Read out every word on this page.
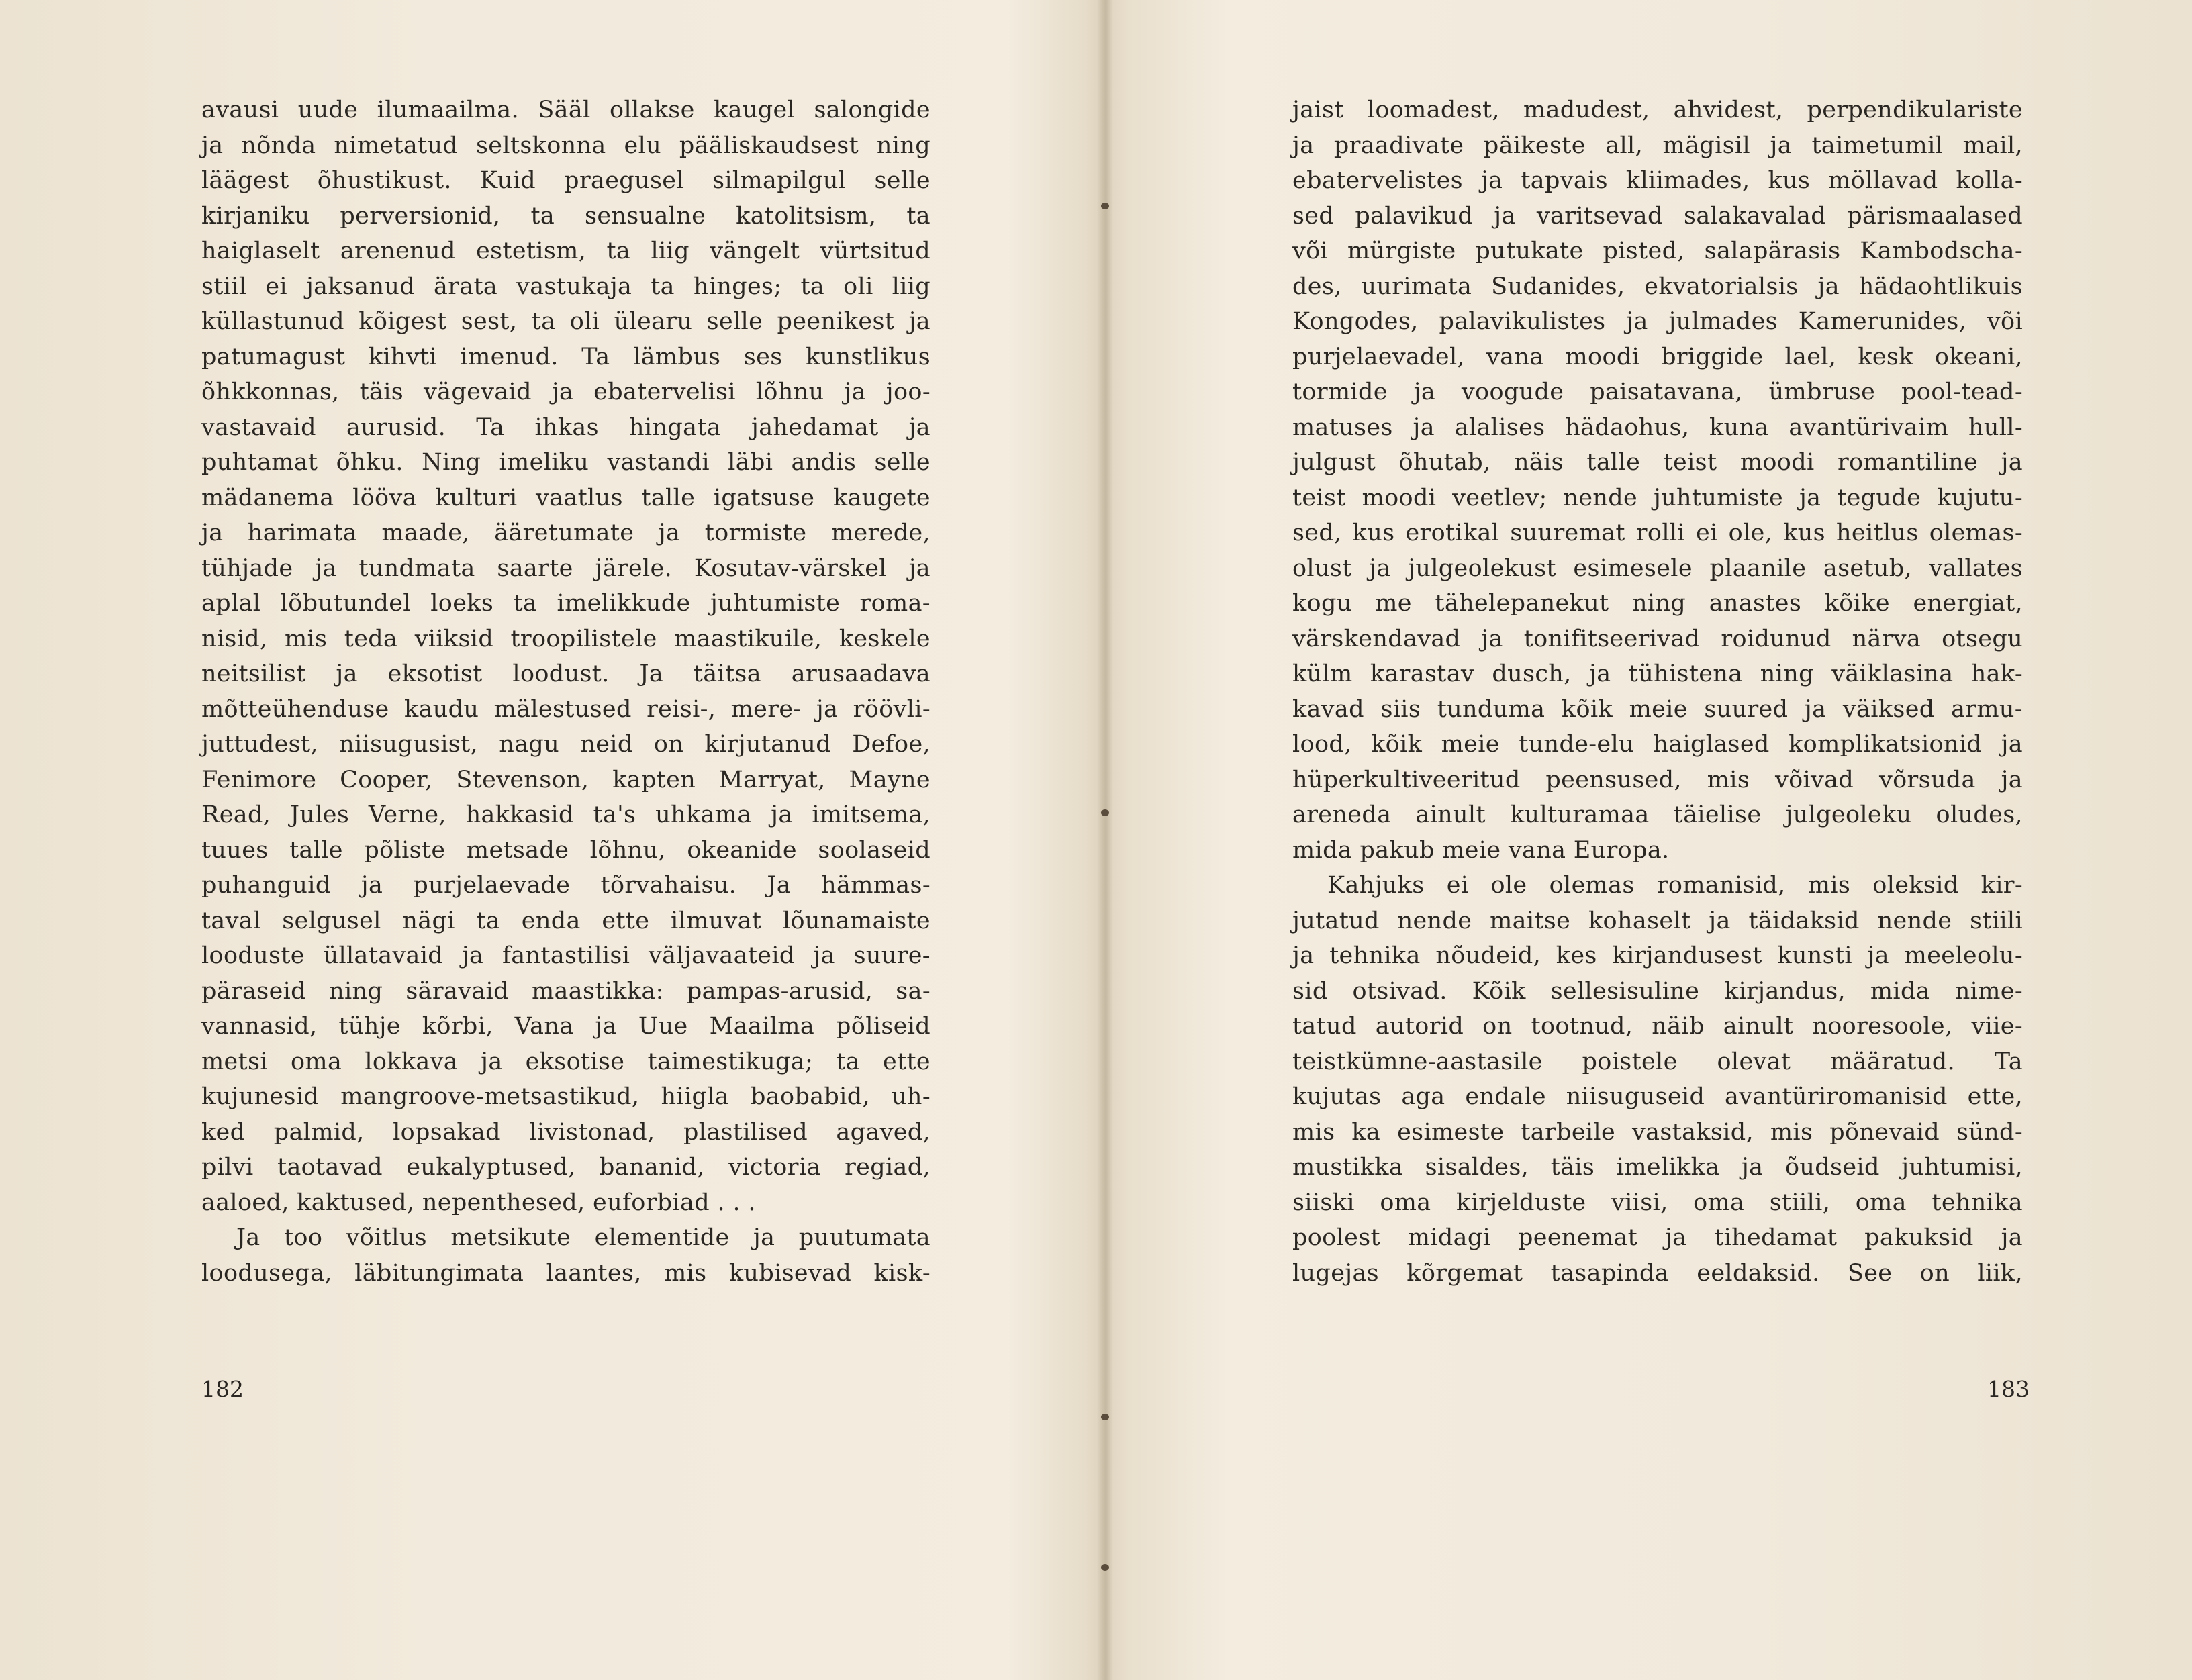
avausi uude ilumaailma. Sääl ollakse kaugel salongide
ja nõnda nimetatud seltskonna elu pääliskaudsest ning
läägest õhustikust. Kuid praegusel silmapilgul selle
kirjaniku perversionid, ta sensualne katolitsism, ta
haiglaselt arenenud estetism, ta liig vängelt vürtsitud
stiil ei jaksanud ärata vastukaja ta hinges; ta oli liig
küllastunud kõigest sest, ta oli ülearu selle peenikest ja
patumagust kihvti imenud. Ta lämbus ses kunstlikus
õhkkonnas, täis vägevaid ja ebatervelisi lõhnu ja joo-
vastavaid aurusid. Ta ihkas hingata jahedamat ja
puhtamat õhku. Ning imeliku vastandi läbi andis selle
mädanema lööva kulturi vaatlus talle igatsuse kaugete
ja harimata maade, ääretumate ja tormiste merede,
tühjade ja tundmata saarte järele. Kosutav-värskel ja
aplal lõbutundel loeks ta imelikkude juhtumiste roma-
nisid, mis teda viiksid troopilistele maastikuile, keskele
neitsilist ja eksotist loodust. Ja täitsa arusaadava
mõtteühenduse kaudu mälestused reisi-, mere- ja röövli-
juttudest, niisugusist, nagu neid on kirjutanud Defoe,
Fenimore Cooper, Stevenson, kapten Marryat, Mayne
Read, Jules Verne, hakkasid ta's uhkama ja imitsema,
tuues talle põliste metsade lõhnu, okeanide soolaseid
puhanguid ja purjelaevade tõrvahaisu. Ja hämmas-
taval selgusel nägi ta enda ette ilmuvat lõunamaiste
looduste üllatavaid ja fantastilisi väljavaateid ja suure-
päraseid ning säravaid maastikka: pampas-arusid, sa-
vannasid, tühje kõrbi, Vana ja Uue Maailma põliseid
metsi oma lokkava ja eksotise taimestikuga; ta ette
kujunesid mangroove-metsastikud, hiigla baobabid, uh-
ked palmid, lopsakad livistonad, plastilised agaved,
pilvi taotavad eukalyptused, bananid, victoria regiad,
aaloed, kaktused, nepenthesed, euforbiad . . .
Ja too võitlus metsikute elementide ja puutumata
loodusega, läbitungimata laantes, mis kubisevad kisk-
182
jaist loomadest, madudest, ahvidest, perpendikulariste
ja praadivate päikeste all, mägisil ja taimetumil mail,
ebatervelistes ja tapvais kliimades, kus möllavad kolla-
sed palavikud ja varitsevad salakavalad pärismaalased
või mürgiste putukate pisted, salapärasis Kambodscha-
des, uurimata Sudanides, ekvatorialsis ja hädaohtlikuis
Kongodes, palavikulistes ja julmades Kamerunides, või
purjelaevadel, vana moodi briggide lael, kesk okeani,
tormide ja voogude paisatavana, ümbruse pool-tead-
matuses ja alalises hädaohus, kuna avantürivaim hull-
julgust õhutab, näis talle teist moodi romantiline ja
teist moodi veetlev; nende juhtumiste ja tegude kujutu-
sed, kus erotikal suuremat rolli ei ole, kus heitlus olemas-
olust ja julgeolekust esimesele plaanile asetub, vallates
kogu me tähelepanekut ning anastes kõike energiat,
värskendavad ja tonifitseerivad roidunud närva otsegu
külm karastav dusch, ja tühistena ning väiklasina hak-
kavad siis tunduma kõik meie suured ja väiksed armu-
lood, kõik meie tunde-elu haiglased komplikatsionid ja
hüperkultiveeritud peensused, mis võivad võrsuda ja
areneda ainult kulturamaa täielise julgeoleku oludes,
mida pakub meie vana Europa.
Kahjuks ei ole olemas romanisid, mis oleksid kir-
jutatud nende maitse kohaselt ja täidaksid nende stiili
ja tehnika nõudeid, kes kirjandusest kunsti ja meeleolu-
sid otsivad. Kõik sellesisuline kirjandus, mida nime-
tatud autorid on tootnud, näib ainult nooresoole, viie-
teistkümne-aastasile poistele olevat määratud. Ta
kujutas aga endale niisuguseid avantüriromanisid ette,
mis ka esimeste tarbeile vastaksid, mis põnevaid sünd-
mustikka sisaldes, täis imelikka ja õudseid juhtumisi,
siiski oma kirjelduste viisi, oma stiili, oma tehnika
poolest midagi peenemat ja tihedamat pakuksid ja
lugejas kõrgemat tasapinda eeldaksid. See on liik,
183
